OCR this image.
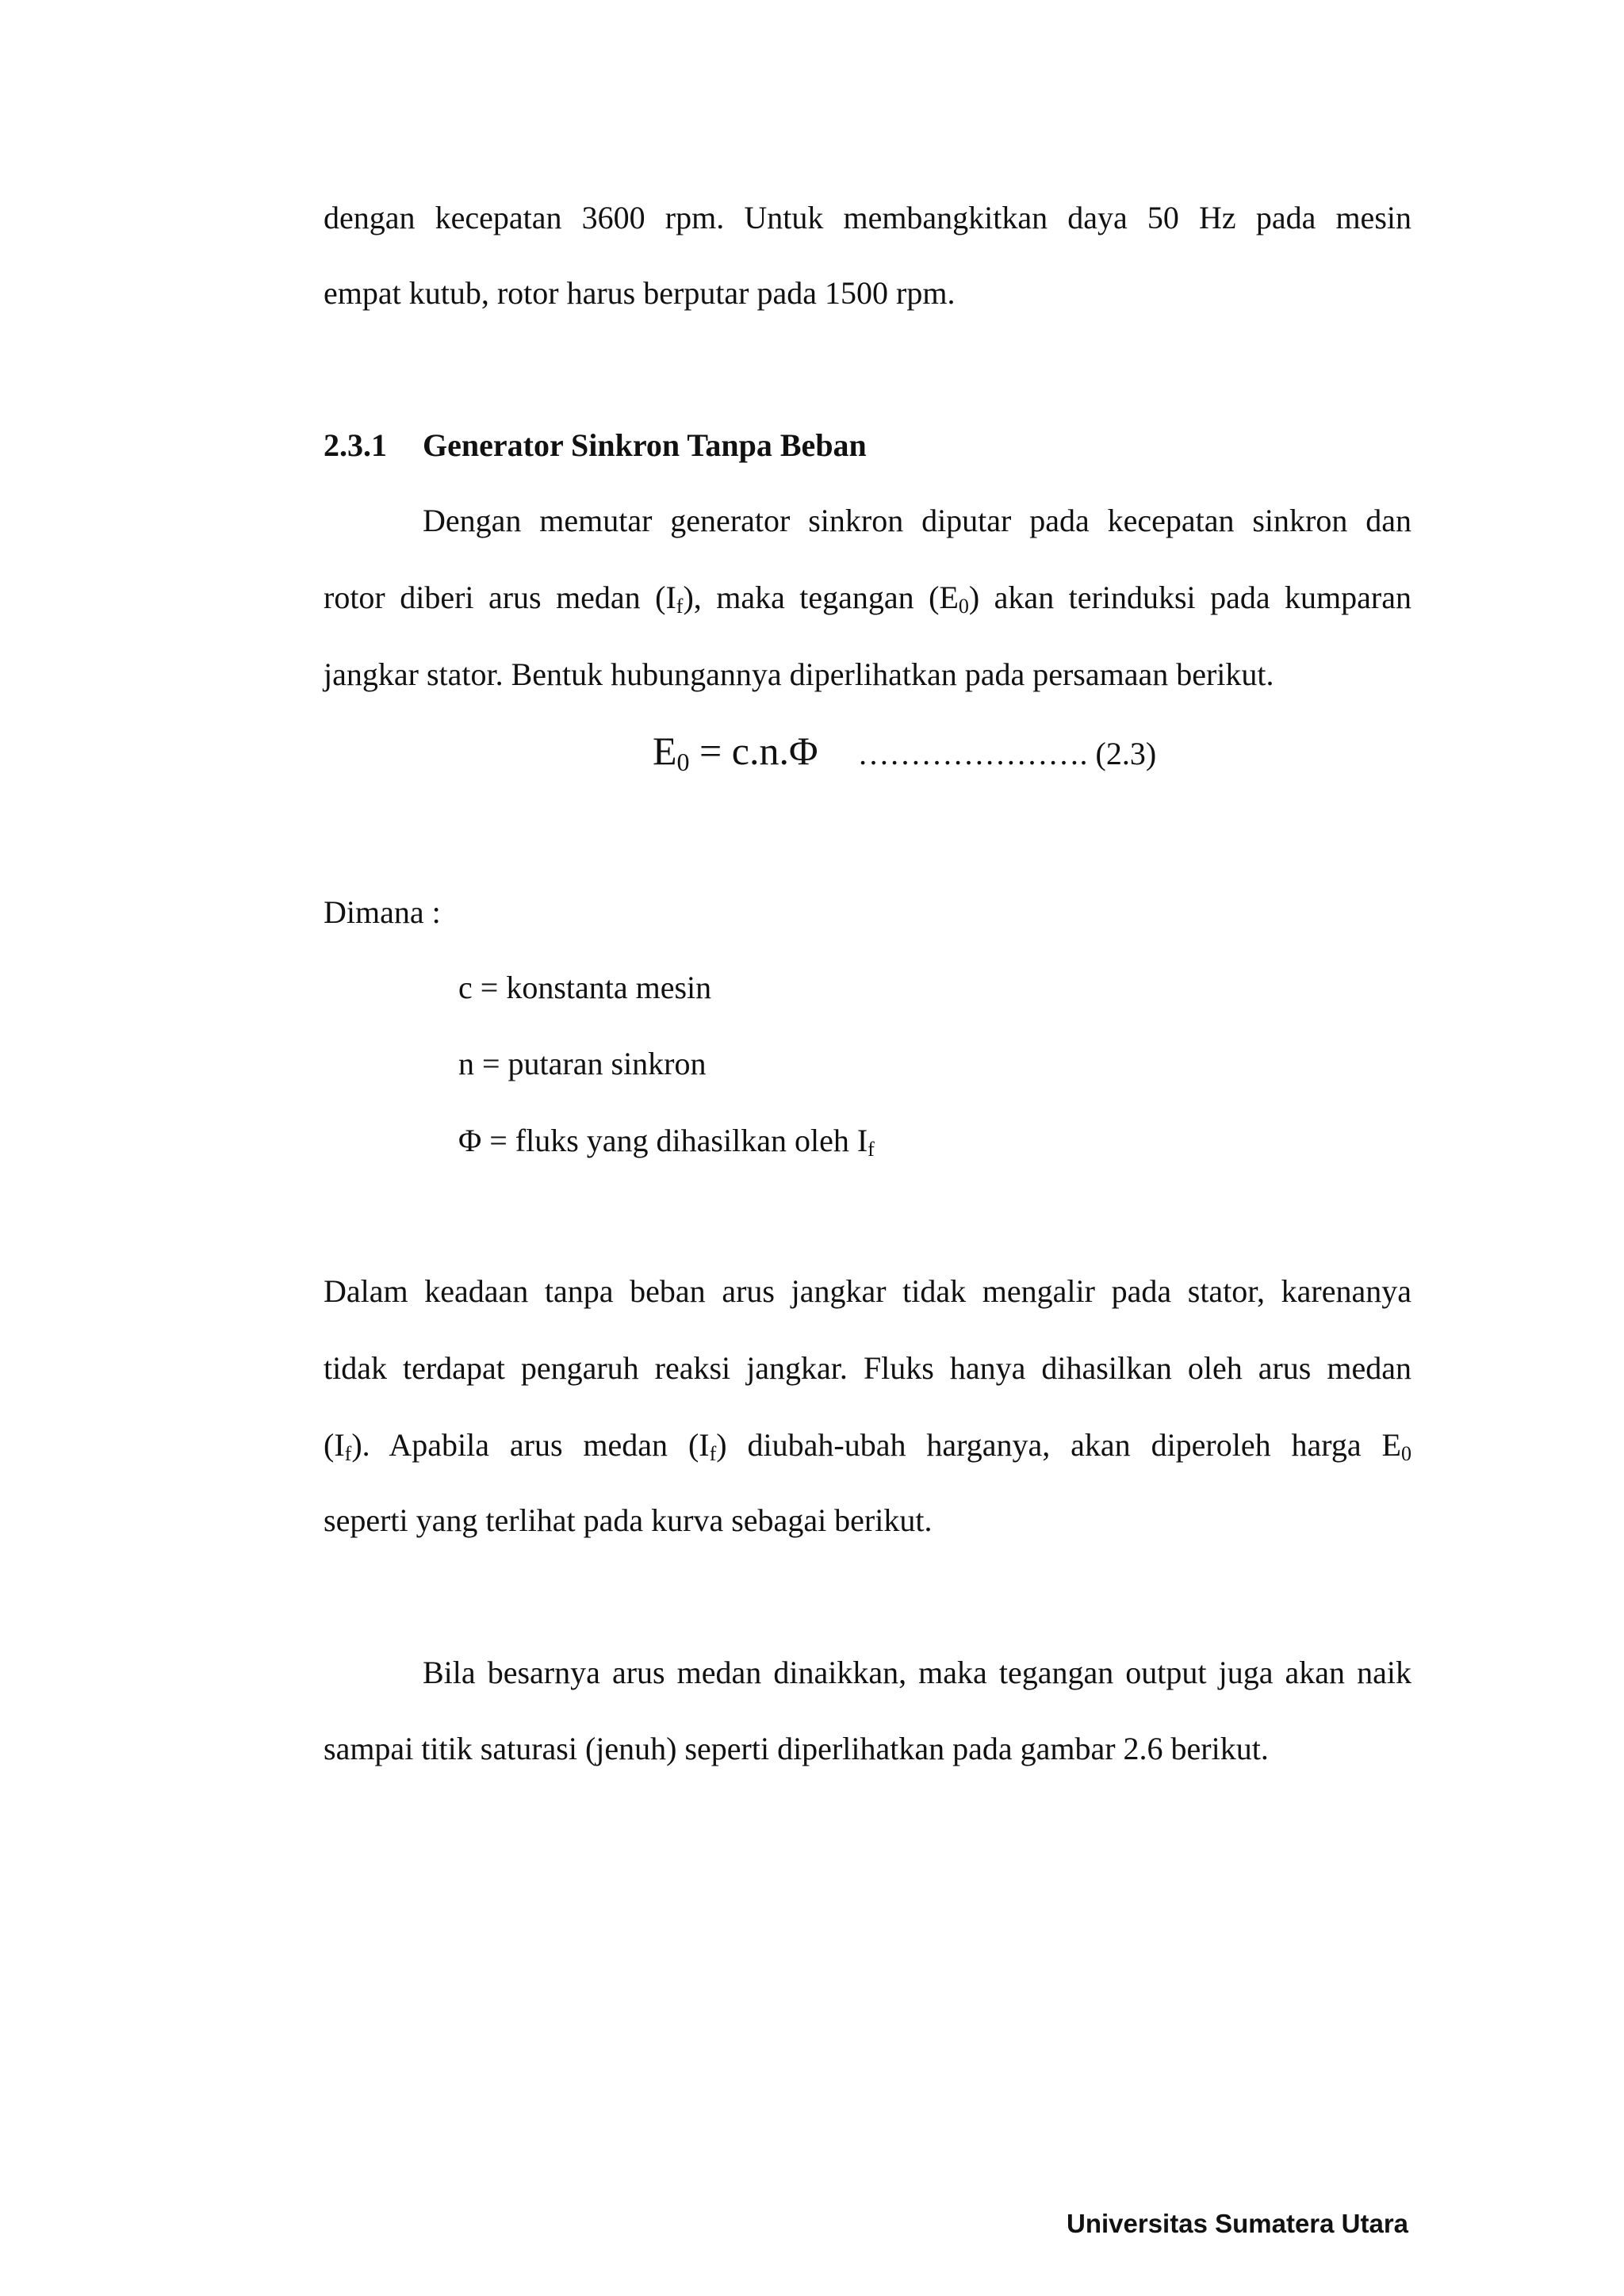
2.3.1 Generator Sinkron Tanpa Beban
$E_0 = c.n.\Phi$ …………………. (2.3)
dengan kecepatan 3600 rpm. Untuk membangkitkan daya 50 Hz pada mesin
empat kutub, rotor harus berputar pada 1500 rpm.
Dengan memutar generator sinkron diputar pada kecepatan sinkron dan
rotor diberi arus medan $(I_f)$, maka tegangan $(E_0)$ akan terinduksi pada kumparan
jangkar stator. Bentuk hubungannya diperlihatkan pada persamaan berikut.
Dimana :
c = konstanta mesin
n = putaran sinkron
Φ = fluks yang dihasilkan oleh $I_f$
Dalam keadaan tanpa beban arus jangkar tidak mengalir pada stator, karenanya
tidak terdapat pengaruh reaksi jangkar. Fluks hanya dihasilkan oleh arus medan
$(I_f)$. Apabila arus medan $(I_f)$ diubah-ubah harganya, akan diperoleh harga $E_0$
seperti yang terlihat pada kurva sebagai berikut.
Bila besarnya arus medan dinaikkan, maka tegangan output juga akan naik
sampai titik saturasi (jenuh) seperti diperlihatkan pada gambar 2.6 berikut.
Universitas Sumatera Utara
